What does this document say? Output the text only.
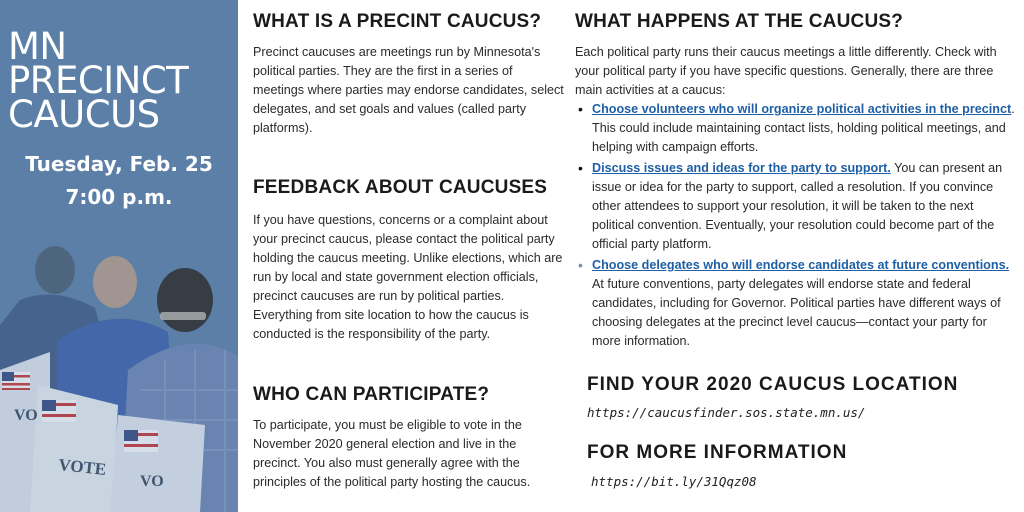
MN
PRECINCT
CAUCUS
Tuesday, Feb. 25
7:00 p.m.
VO
VOTE
VO
WHAT IS A PRECINT CAUCUS?

Precinct caucuses are meetings run by Minnesota's political parties. They are the first in a series of meetings where parties may endorse candidates, select delegates, and set goals and values (called party platforms).

FEEDBACK ABOUT CAUCUSES

If you have questions, concerns or a complaint about your precinct caucus, please contact the political party holding the caucus meeting. Unlike elections, which are run by local and state government election officials, precinct caucuses are run by political parties. Everything from site location to how the caucus is conducted is the responsibility of the party.

WHO CAN PARTICIPATE?

To participate, you must be eligible to vote in the November 2020 general election and live in the precinct. You also must generally agree with the principles of the political party hosting the caucus.

WHAT HAPPENS AT THE CAUCUS?

Each political party runs their caucus meetings a little differently. Check with your political party if you have specific questions. Generally, there are three main activities at a caucus:

• Choose volunteers who will organize political activities in the precinct. This could include maintaining contact lists, holding political meetings, and helping with campaign efforts.
• Discuss issues and ideas for the party to support. You can present an issue or idea for the party to support, called a resolution. If you convince other attendees to support your resolution, it will be taken to the next political convention. Eventually, your resolution could become part of the official party platform.
• Choose delegates who will endorse candidates at future conventions. At future conventions, party delegates will endorse state and federal candidates, including for Governor. Political parties have different ways of choosing delegates at the precinct level caucus—contact your party for more information.
FIND YOUR 2020 CAUCUS LOCATION
https://caucusfinder.sos.state.mn.us/
FOR MORE INFORMATION
https://bit.ly/31Qqz08
